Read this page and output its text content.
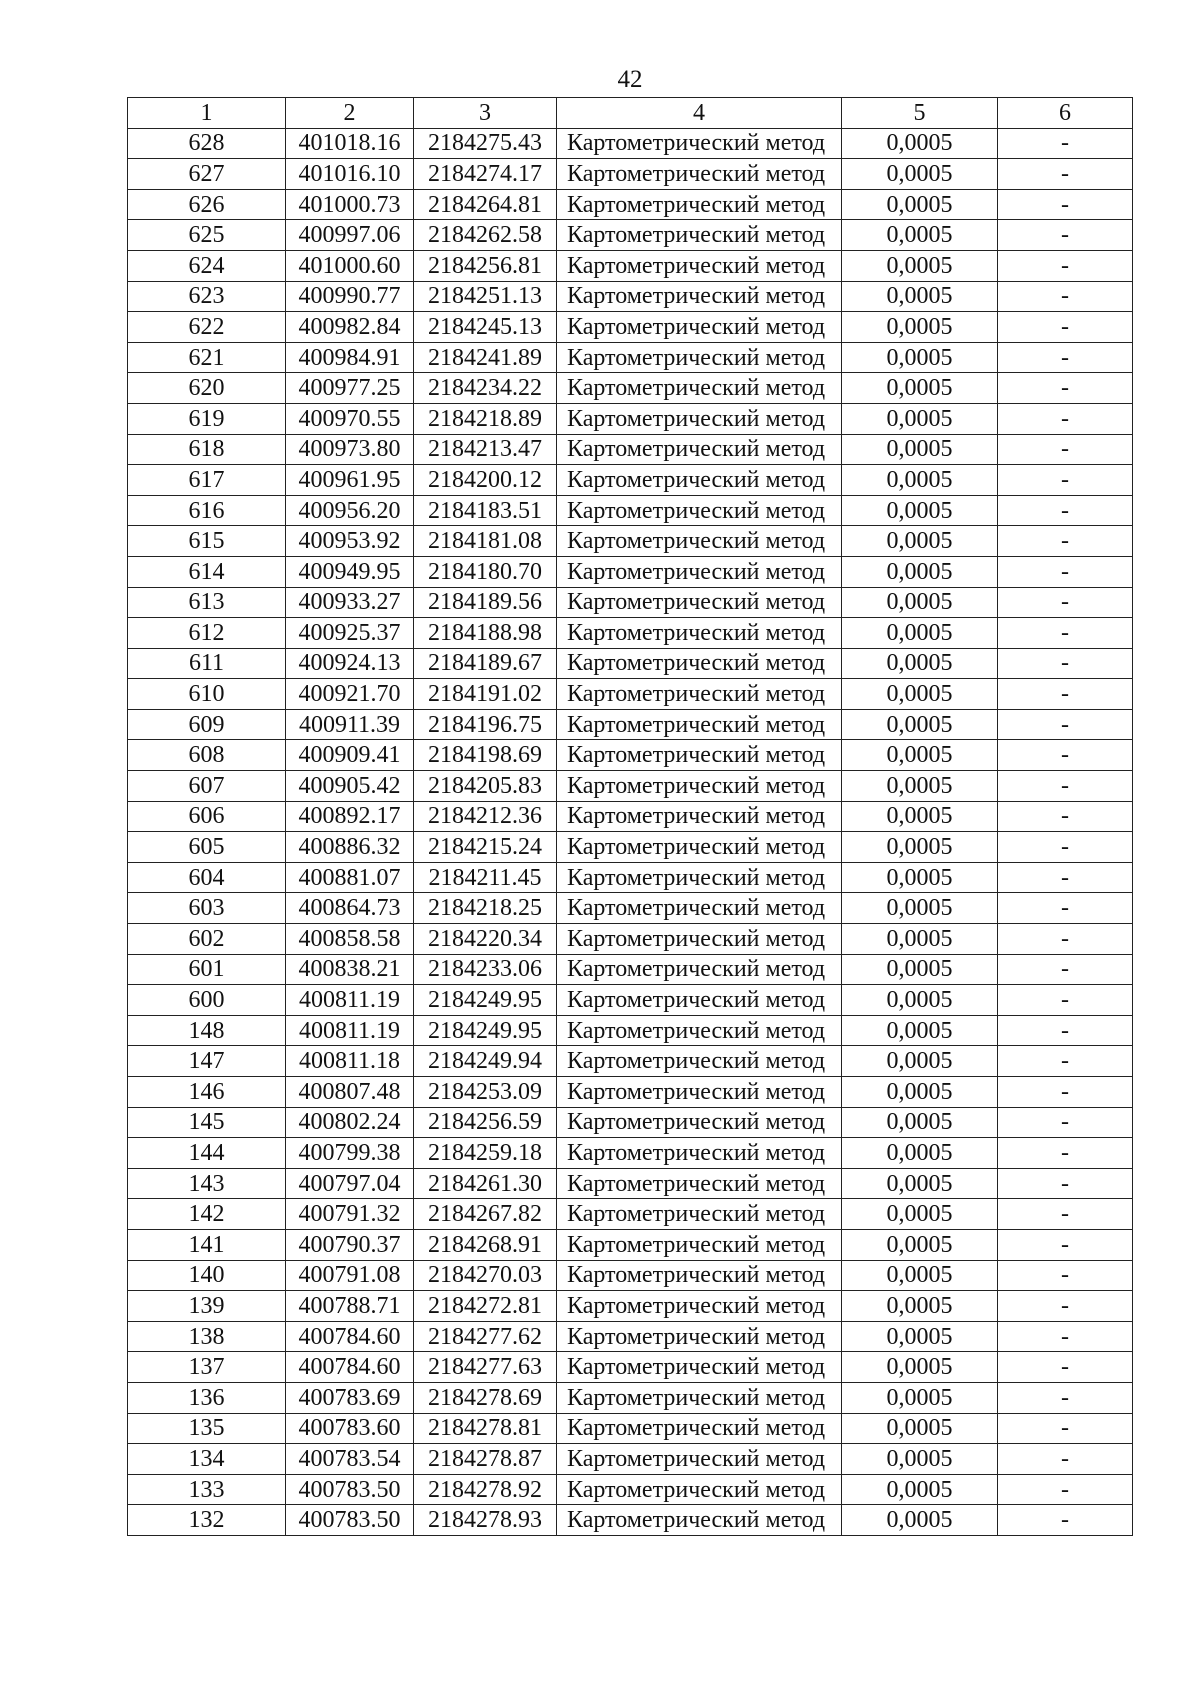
42
1	2	3	4	5	6
628	401018.16	2184275.43	Картометрический метод	0,0005	-
627	401016.10	2184274.17	Картометрический метод	0,0005	-
626	401000.73	2184264.81	Картометрический метод	0,0005	-
625	400997.06	2184262.58	Картометрический метод	0,0005	-
624	401000.60	2184256.81	Картометрический метод	0,0005	-
623	400990.77	2184251.13	Картометрический метод	0,0005	-
622	400982.84	2184245.13	Картометрический метод	0,0005	-
621	400984.91	2184241.89	Картометрический метод	0,0005	-
620	400977.25	2184234.22	Картометрический метод	0,0005	-
619	400970.55	2184218.89	Картометрический метод	0,0005	-
618	400973.80	2184213.47	Картометрический метод	0,0005	-
617	400961.95	2184200.12	Картометрический метод	0,0005	-
616	400956.20	2184183.51	Картометрический метод	0,0005	-
615	400953.92	2184181.08	Картометрический метод	0,0005	-
614	400949.95	2184180.70	Картометрический метод	0,0005	-
613	400933.27	2184189.56	Картометрический метод	0,0005	-
612	400925.37	2184188.98	Картометрический метод	0,0005	-
611	400924.13	2184189.67	Картометрический метод	0,0005	-
610	400921.70	2184191.02	Картометрический метод	0,0005	-
609	400911.39	2184196.75	Картометрический метод	0,0005	-
608	400909.41	2184198.69	Картометрический метод	0,0005	-
607	400905.42	2184205.83	Картометрический метод	0,0005	-
606	400892.17	2184212.36	Картометрический метод	0,0005	-
605	400886.32	2184215.24	Картометрический метод	0,0005	-
604	400881.07	2184211.45	Картометрический метод	0,0005	-
603	400864.73	2184218.25	Картометрический метод	0,0005	-
602	400858.58	2184220.34	Картометрический метод	0,0005	-
601	400838.21	2184233.06	Картометрический метод	0,0005	-
600	400811.19	2184249.95	Картометрический метод	0,0005	-
148	400811.19	2184249.95	Картометрический метод	0,0005	-
147	400811.18	2184249.94	Картометрический метод	0,0005	-
146	400807.48	2184253.09	Картометрический метод	0,0005	-
145	400802.24	2184256.59	Картометрический метод	0,0005	-
144	400799.38	2184259.18	Картометрический метод	0,0005	-
143	400797.04	2184261.30	Картометрический метод	0,0005	-
142	400791.32	2184267.82	Картометрический метод	0,0005	-
141	400790.37	2184268.91	Картометрический метод	0,0005	-
140	400791.08	2184270.03	Картометрический метод	0,0005	-
139	400788.71	2184272.81	Картометрический метод	0,0005	-
138	400784.60	2184277.62	Картометрический метод	0,0005	-
137	400784.60	2184277.63	Картометрический метод	0,0005	-
136	400783.69	2184278.69	Картометрический метод	0,0005	-
135	400783.60	2184278.81	Картометрический метод	0,0005	-
134	400783.54	2184278.87	Картометрический метод	0,0005	-
133	400783.50	2184278.92	Картометрический метод	0,0005	-
132	400783.50	2184278.93	Картометрический метод	0,0005	-
